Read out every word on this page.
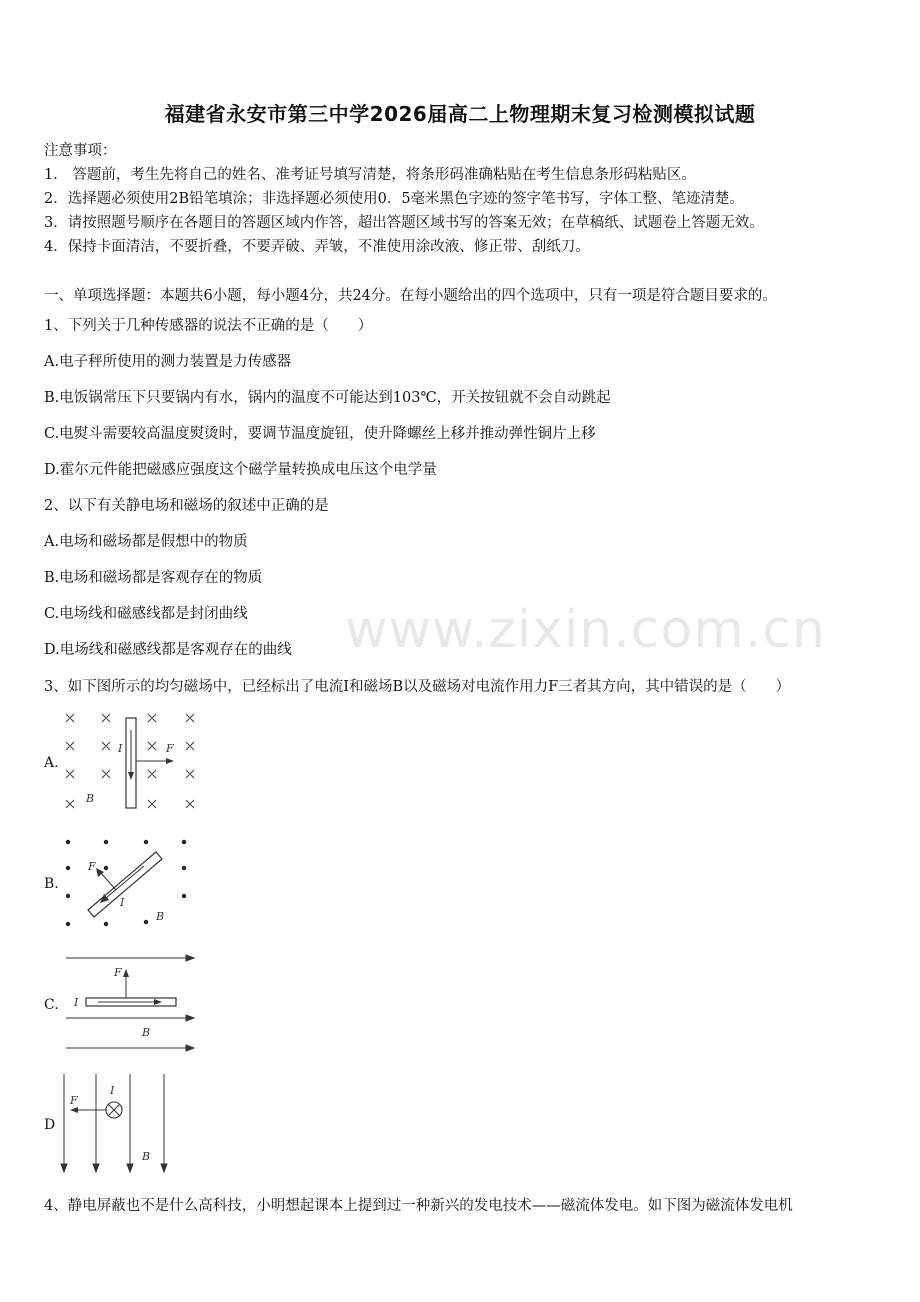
福建省永安市第三中学2026届高二上物理期末复习检测模拟试题
注意事项：
1． 答题前，考生先将自己的姓名、准考证号填写清楚，将条形码准确粘贴在考生信息条形码粘贴区。
2．选择题必须使用2B铅笔填涂；非选择题必须使用0．5毫米黑色字迹的签字笔书写，字体工整、笔迹清楚。
3．请按照题号顺序在各题目的答题区域内作答，超出答题区域书写的答案无效；在草稿纸、试题卷上答题无效。
4．保持卡面清洁，不要折叠，不要弄破、弄皱，不准使用涂改液、修正带、刮纸刀。
一、单项选择题：本题共6小题，每小题4分，共24分。在每小题给出的四个选项中，只有一项是符合题目要求的。
1、下列关于几种传感器的说法不正确的是（　　）
A.电子秤所使用的测力装置是力传感器
B.电饭锅常压下只要锅内有水，锅内的温度不可能达到103℃，开关按钮就不会自动跳起
C.电熨斗需要较高温度熨烫时，要调节温度旋钮，使升降螺丝上移并推动弹性铜片上移
D.霍尔元件能把磁感应强度这个磁学量转换成电压这个电学量
2、以下有关静电场和磁场的叙述中正确的是
A.电场和磁场都是假想中的物质
B.电场和磁场都是客观存在的物质
C.电场线和磁感线都是封闭曲线
D.电场线和磁感线都是客观存在的曲线
3、如下图所示的均匀磁场中，已经标出了电流I和磁场B以及磁场对电流作用力F三者其方向，其中错误的是（　　）
A.
I	F
B
B.
F
I
B
C.
F
I
B
D
F
I
B
4、静电屏蔽也不是什么高科技，小明想起课本上提到过一种新兴的发电技术——磁流体发电。如下图为磁流体发电机
www.zixin.com.cn
